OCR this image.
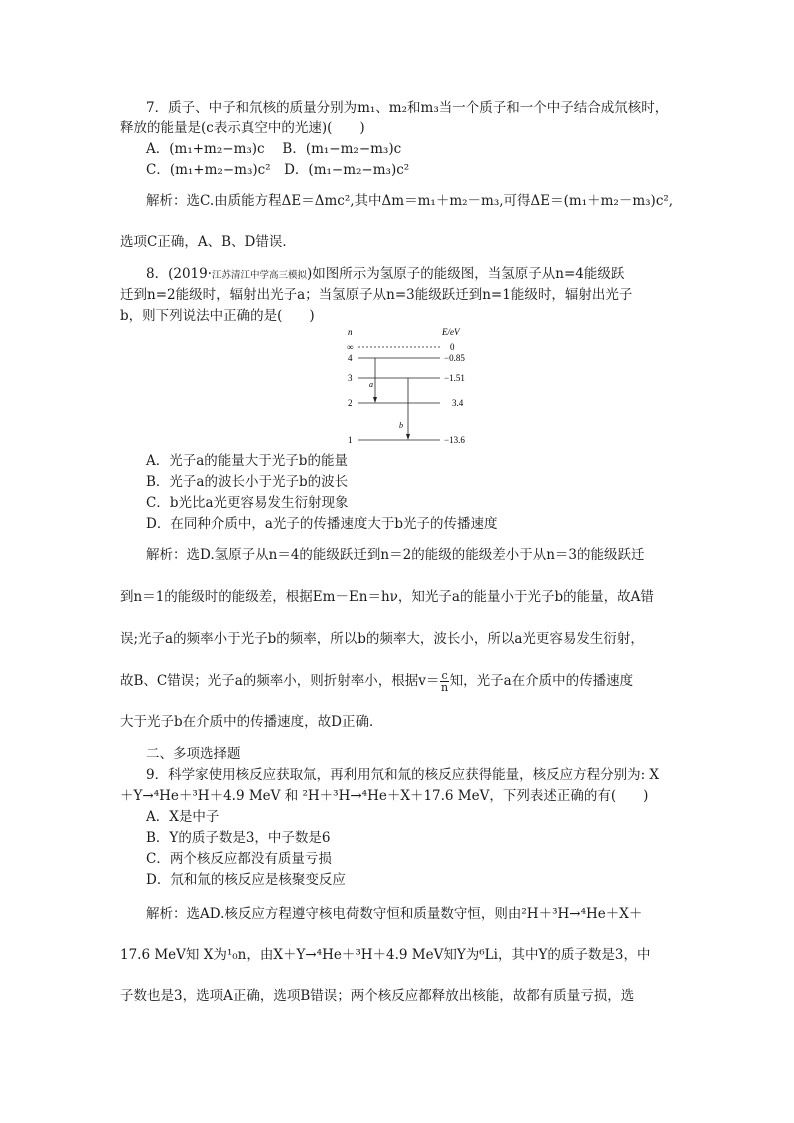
7．质子、中子和氘核的质量分别为m₁、m₂和m₃当一个质子和一个中子结合成氘核时，
释放的能量是(c表示真空中的光速)(　　)
A．(m₁+m₂−m₃)c　 B．(m₁−m₂−m₃)c
C．(m₁+m₂−m₃)c²　D．(m₁−m₂−m₃)c²
解析：选C.由质能方程ΔE＝Δmc²,其中Δm＝m₁＋m₂－m₃,可得ΔE＝(m₁＋m₂－m₃)c²,
选项C正确，A、B、D错误．
8．(2019·江苏清江中学高三模拟)如图所示为氢原子的能级图，当氢原子从n=4能级跃
迁到n=2能级时，辐射出光子a；当氢原子从n=3能级跃迁到n=1能级时，辐射出光子
b，则下列说法中正确的是(　　)
n	E/eV
∞	0
4	−0.85
3	−1.51
2	3.4
1	−13.6
a
b
A．光子a的能量大于光子b的能量
B．光子a的波长小于光子b的波长
C．b光比a光更容易发生衍射现象
D．在同种介质中，a光子的传播速度大于b光子的传播速度
解析：选D.氢原子从n＝4的能级跃迁到n＝2的能级的能级差小于从n＝3的能级跃迁
到n＝1的能级时的能级差，根据Em－En＝hν，知光子a的能量小于光子b的能量，故A错
误;光子a的频率小于光子b的频率，所以b的频率大，波长小，所以a光更容易发生衍射，
故B、C错误；光子a的频率小，则折射率小，根据$v= \frac{c}{n}$ 知，光子a在介质中的传播速度
大于光子b在介质中的传播速度，故D正确．
二、多项选择题
9．科学家使用核反应获取氚，再利用氘和氚的核反应获得能量，核反应方程分别为: X
＋Y→⁴He＋³H＋4.9 MeV 和 ²H＋³H→⁴He＋X＋17.6 MeV，下列表述正确的有(　　)
A．X是中子
B．Y的质子数是3，中子数是6
C．两个核反应都没有质量亏损
D．氘和氚的核反应是核聚变反应
解析：选AD.核反应方程遵守核电荷数守恒和质量数守恒，则由²H＋³H→⁴He＋X＋
17.6 MeV知 X为¹₀n，由X＋Y→⁴He＋³H＋4.9 MeV知Y为⁶Li，其中Y的质子数是3，中
子数也是3，选项A正确，选项B错误；两个核反应都释放出核能，故都有质量亏损，选
